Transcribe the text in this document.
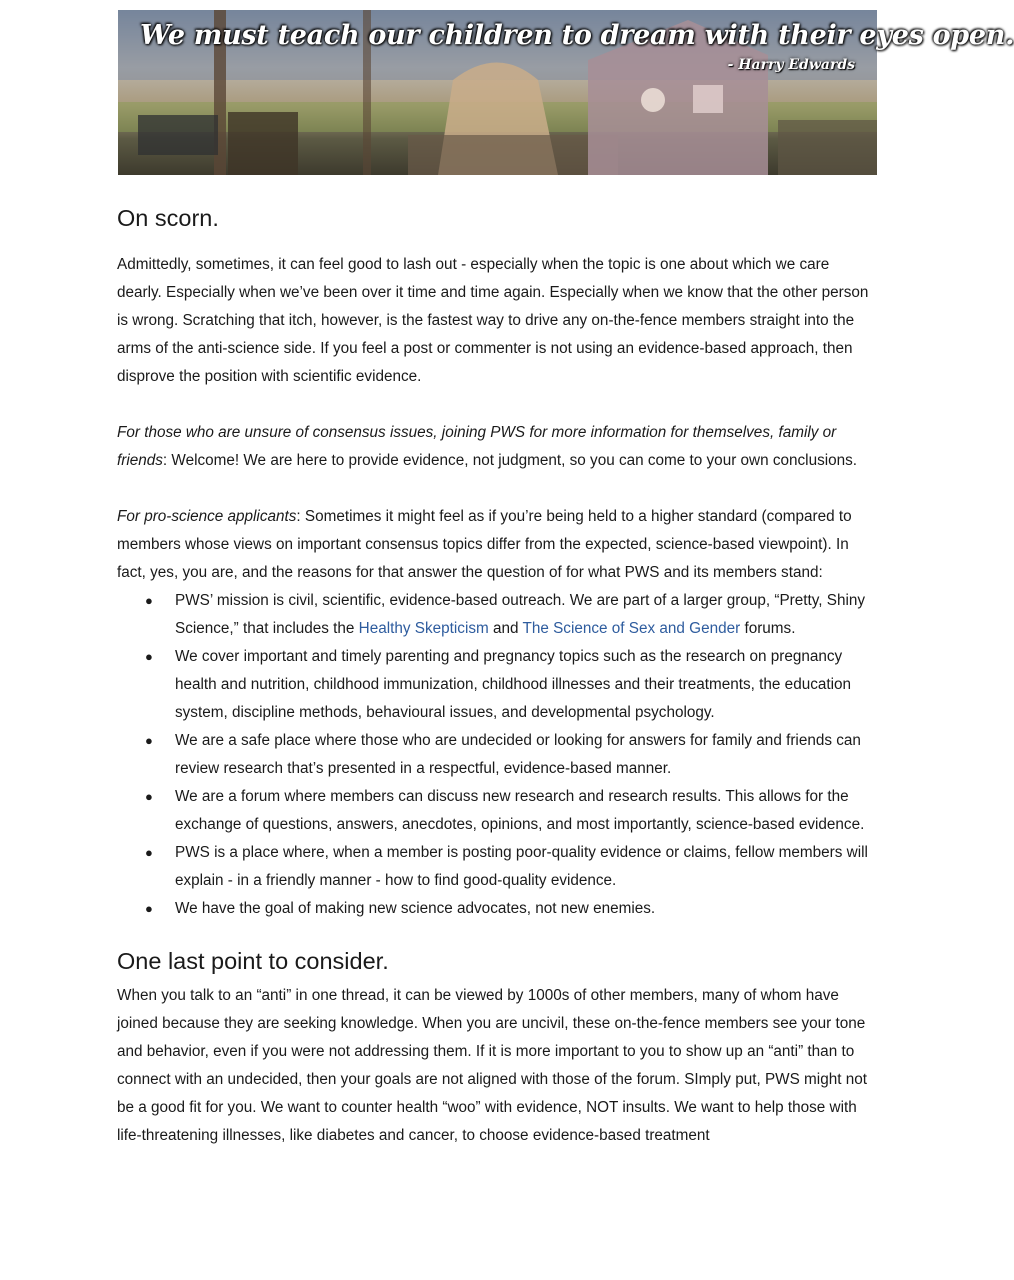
We must teach our children to dream with their eyes open.
- Harry Edwards
On scorn.

Admittedly, sometimes, it can feel good to lash out - especially when the topic is one about which we care dearly. Especially when we’ve been over it time and time again. Especially when we know that the other person is wrong. Scratching that itch, however, is the fastest way to drive any on-the-fence members straight into the arms of the anti-science side. If you feel a post or commenter is not using an evidence-based approach, then disprove the position with scientific evidence.

For those who are unsure of consensus issues, joining PWS for more information for themselves, family or friends: Welcome! We are here to provide evidence, not judgment, so you can come to your own conclusions.

For pro-science applicants: Sometimes it might feel as if you’re being held to a higher standard (compared to members whose views on important consensus topics differ from the expected, science-based viewpoint). In fact, yes, you are, and the reasons for that answer the question of for what PWS and its members stand:

● PWS’ mission is civil, scientific, evidence-based outreach. We are part of a larger group, “Pretty, Shiny Science,” that includes the Healthy Skepticism and The Science of Sex and Gender forums.
● We cover important and timely parenting and pregnancy topics such as the research on pregnancy health and nutrition, childhood immunization, childhood illnesses and their treatments, the education system, discipline methods, behavioural issues, and developmental psychology.
● We are a safe place where those who are undecided or looking for answers for family and friends can review research that’s presented in a respectful, evidence-based manner.
● We are a forum where members can discuss new research and research results. This allows for the exchange of questions, answers, anecdotes, opinions, and most importantly, science-based evidence.
● PWS is a place where, when a member is posting poor-quality evidence or claims, fellow members will explain - in a friendly manner - how to find good-quality evidence.
● We have the goal of making new science advocates, not new enemies.
One last point to consider.

When you talk to an “anti” in one thread, it can be viewed by 1000s of other members, many of whom have joined because they are seeking knowledge. When you are uncivil, these on-the-fence members see your tone and behavior, even if you were not addressing them. If it is more important to you to show up an “anti” than to connect with an undecided, then your goals are not aligned with those of the forum. SImply put, PWS might not be a good fit for you. We want to counter health “woo” with evidence, NOT insults. We want to help those with life-threatening illnesses, like diabetes and cancer, to choose evidence-based treatment
